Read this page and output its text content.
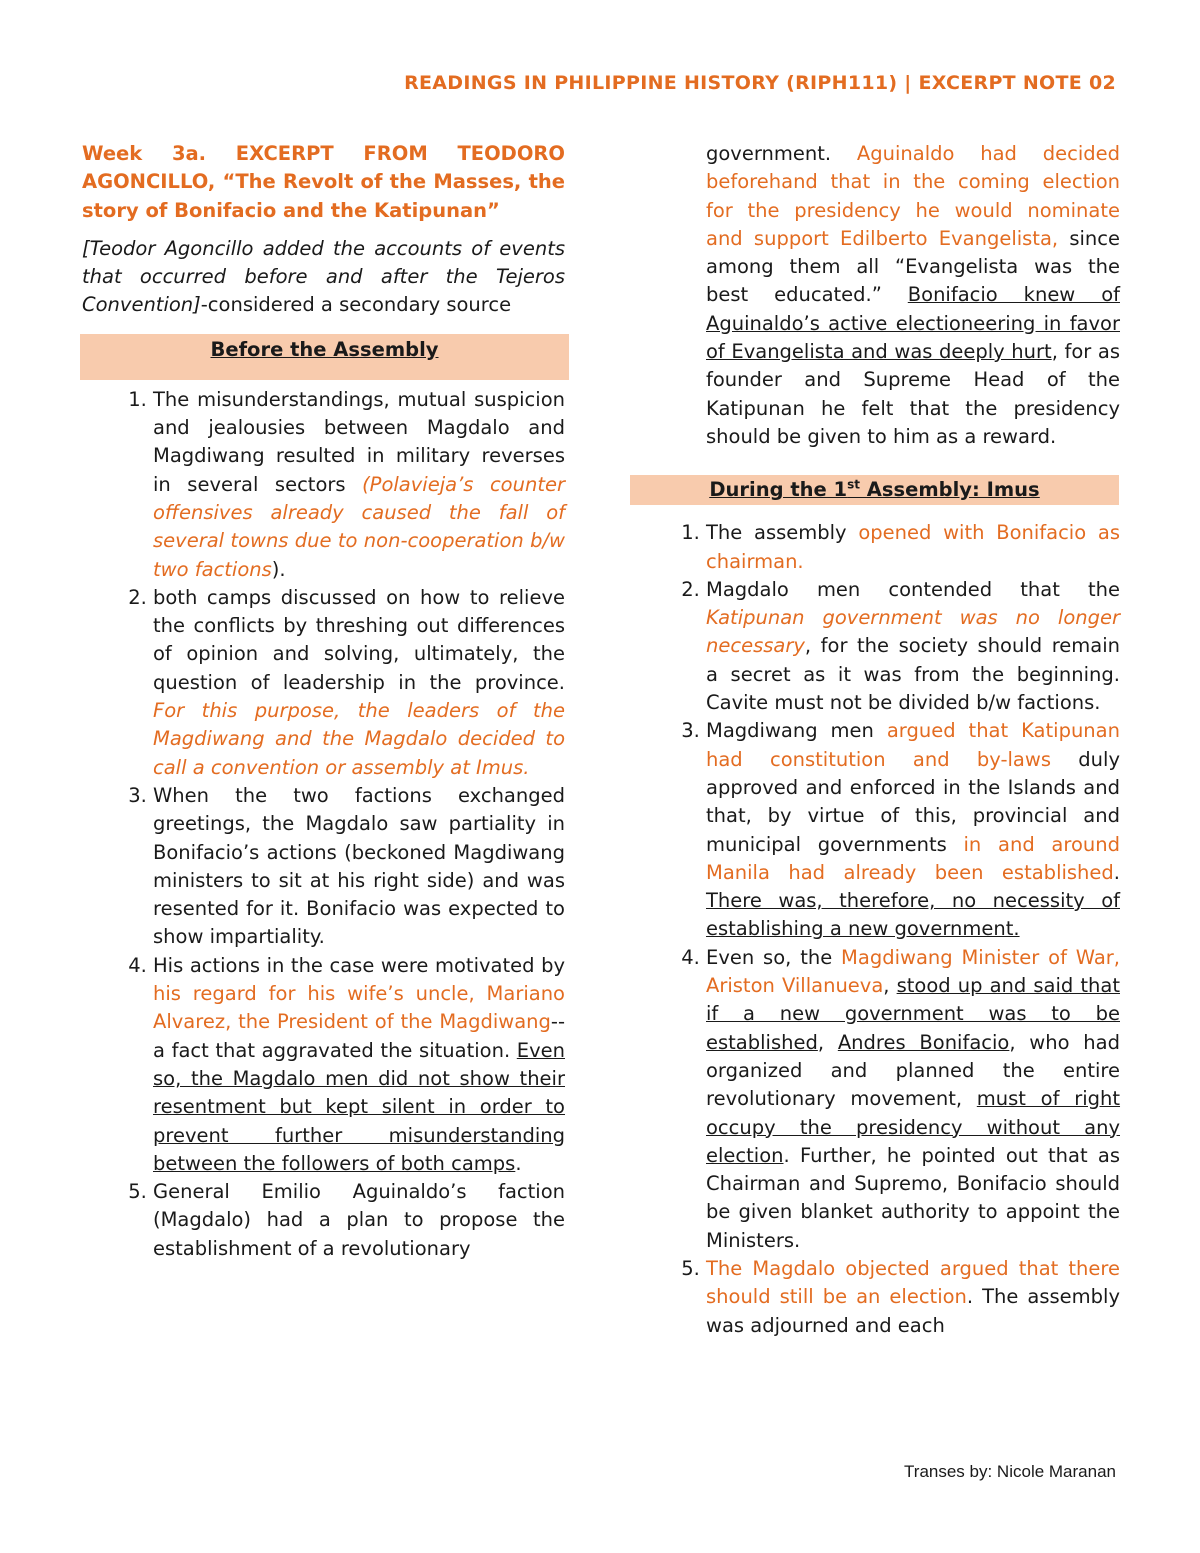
READINGS IN PHILIPPINE HISTORY (RIPH111) | EXCERPT NOTE 02

Week 3a. EXCERPT FROM TEODORO AGONCILLO, “The Revolt of the Masses, the story of Bonifacio and the Katipunan”

[Teodor Agoncillo added the accounts of events that occurred before and after the Tejeros Convention]-considered a secondary source

Before the Assembly
1. The misunderstandings, mutual suspicion and jealousies between Magdalo and Magdiwang resulted in military reverses in several sectors (Polavieja’s counter offensives already caused the fall of several towns due to non-cooperation b/w two factions).
2. both camps discussed on how to relieve the conflicts by threshing out differences of opinion and solving, ultimately, the question of leadership in the province. For this purpose, the leaders of the Magdiwang and the Magdalo decided to call a convention or assembly at Imus.
3. When the two factions exchanged greetings, the Magdalo saw partiality in Bonifacio’s actions (beckoned Magdiwang ministers to sit at his right side) and was resented for it. Bonifacio was expected to show impartiality.
4. His actions in the case were motivated by his regard for his wife’s uncle, Mariano Alvarez, the President of the Magdiwang-- a fact that aggravated the situation. Even so, the Magdalo men did not show their resentment but kept silent in order to prevent further misunderstanding between the followers of both camps.
5. General Emilio Aguinaldo’s faction (Magdalo) had a plan to propose the establishment of a revolutionary

government. Aguinaldo had decided beforehand that in the coming election for the presidency he would nominate and support Edilberto Evangelista, since among them all “Evangelista was the best educated.” Bonifacio knew of Aguinaldo’s active electioneering in favor of Evangelista and was deeply hurt, for as founder and Supreme Head of the Katipunan he felt that the presidency should be given to him as a reward.

During the 1st Assembly: Imus
1. The assembly opened with Bonifacio as chairman.
2. Magdalo men contended that the Katipunan government was no longer necessary, for the society should remain a secret as it was from the beginning. Cavite must not be divided b/w factions.
3. Magdiwang men argued that Katipunan had constitution and by-laws duly approved and enforced in the Islands and that, by virtue of this, provincial and municipal governments in and around Manila had already been established. There was, therefore, no necessity of establishing a new government.
4. Even so, the Magdiwang Minister of War, Ariston Villanueva, stood up and said that if a new government was to be established, Andres Bonifacio, who had organized and planned the entire revolutionary movement, must of right occupy the presidency without any election. Further, he pointed out that as Chairman and Supremo, Bonifacio should be given blanket authority to appoint the Ministers.
5. The Magdalo objected argued that there should still be an election. The assembly was adjourned and each
Transes by: Nicole Maranan
